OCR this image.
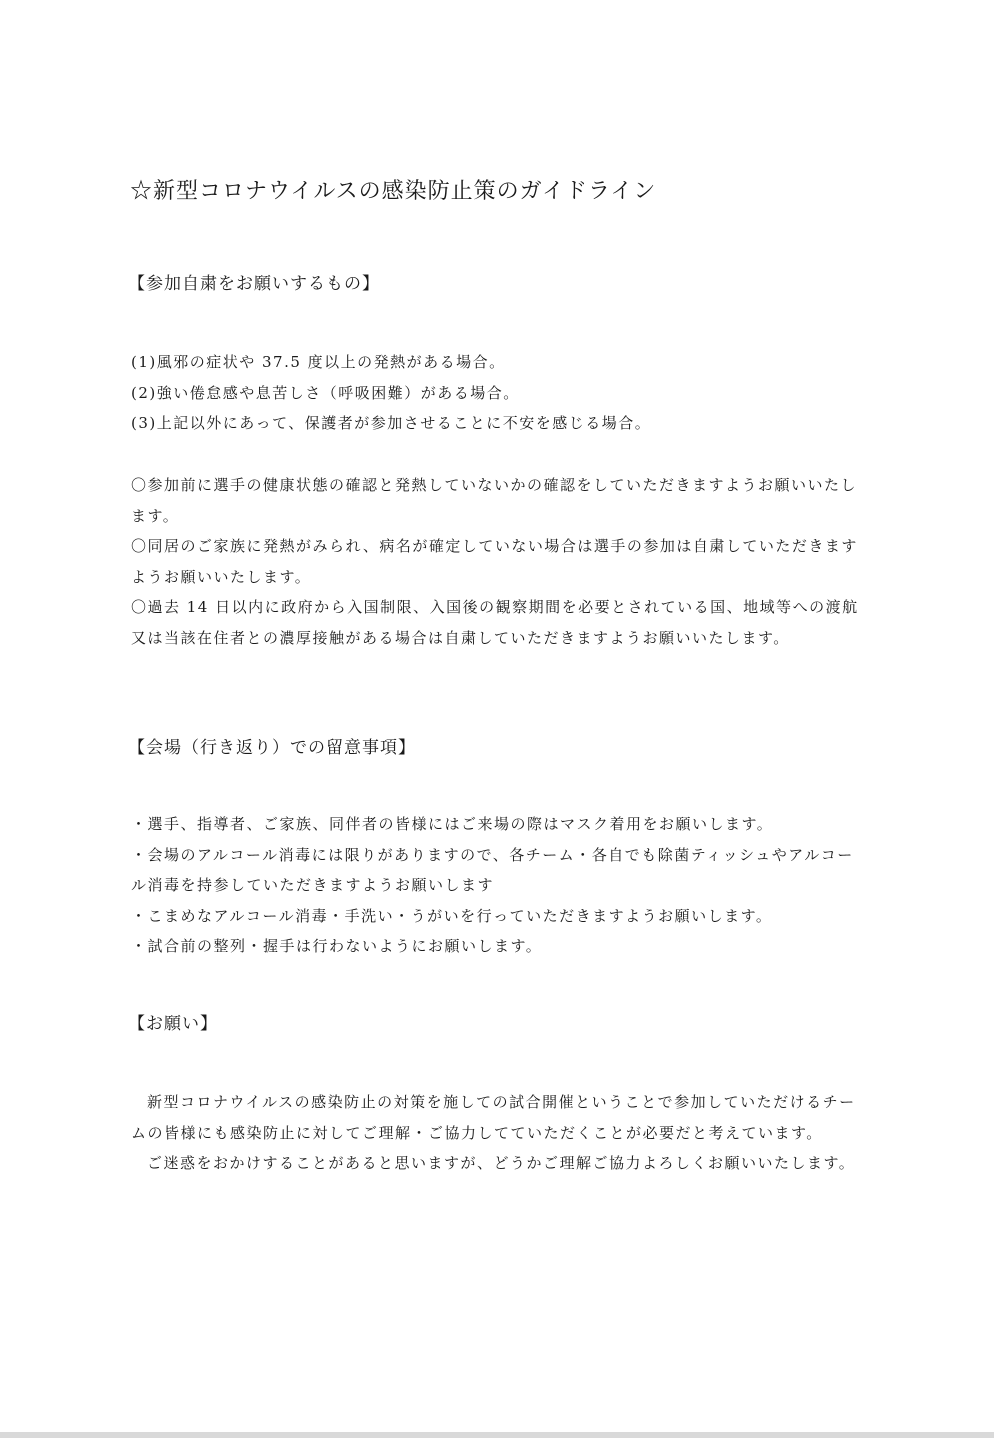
☆新型コロナウイルスの感染防止策のガイドライン
【参加自粛をお願いするもの】

(1)風邪の症状や 37.5 度以上の発熱がある場合。

(2)強い倦怠感や息苦しさ（呼吸困難）がある場合。

(3)上記以外にあって、保護者が参加させることに不安を感じる場合。

〇参加前に選手の健康状態の確認と発熱していないかの確認をしていただきますようお願いいたします。

〇同居のご家族に発熱がみられ、病名が確定していない場合は選手の参加は自粛していただきますようお願いいたします。

〇過去 14 日以内に政府から入国制限、入国後の観察期間を必要とされている国、地域等への渡航又は当該在住者との濃厚接触がある場合は自粛していただきますようお願いいたします。

【会場（行き返り）での留意事項】

・選手、指導者、ご家族、同伴者の皆様にはご来場の際はマスク着用をお願いします。

・会場のアルコール消毒には限りがありますので、各チーム・各自でも除菌ティッシュやアルコール消毒を持参していただきますようお願いします

・こまめなアルコール消毒・手洗い・うがいを行っていただきますようお願いします。

・試合前の整列・握手は行わないようにお願いします。

【お願い】

新型コロナウイルスの感染防止の対策を施しての試合開催ということで参加していただけるチームの皆様にも感染防止に対してご理解・ご協力してていただくことが必要だと考えています。

ご迷惑をおかけすることがあると思いますが、どうかご理解ご協力よろしくお願いいたします。
